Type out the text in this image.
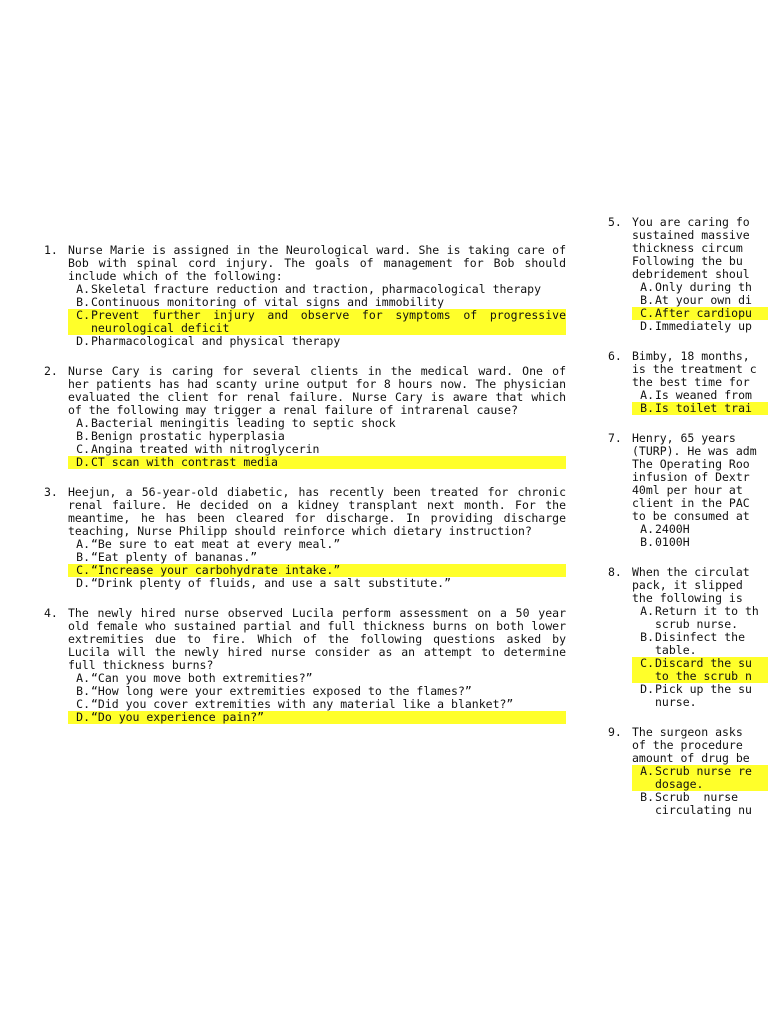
1. Nurse Marie is assigned in the Neurological ward. She is taking care of Bob with spinal cord injury. The goals of management for Bob should include which of the following:
A. Skeletal fracture reduction and traction, pharmacological therapy
B. Continuous monitoring of vital signs and immobility
C. Prevent further injury and observe for symptoms of progressive neurological deficit
D. Pharmacological and physical therapy
2. Nurse Cary is caring for several clients in the medical ward. One of her patients has had scanty urine output for 8 hours now. The physician evaluated the client for renal failure. Nurse Cary is aware that which of the following may trigger a renal failure of intrarenal cause?
A. Bacterial meningitis leading to septic shock
B. Benign prostatic hyperplasia
C. Angina treated with nitroglycerin
D. CT scan with contrast media
3. Heejun, a 56-year-old diabetic, has recently been treated for chronic renal failure. He decided on a kidney transplant next month. For the meantime, he has been cleared for discharge. In providing discharge teaching, Nurse Philipp should reinforce which dietary instruction?
A. “Be sure to eat meat at every meal.”
B. “Eat plenty of bananas.”
C. “Increase your carbohydrate intake.”
D. “Drink plenty of fluids, and use a salt substitute.”
4. The newly hired nurse observed Lucila perform assessment on a 50 year old female who sustained partial and full thickness burns on both lower extremities due to fire. Which of the following questions asked by Lucila will the newly hired nurse consider as an attempt to determine full thickness burns?
A. “Can you move both extremities?”
B. “How long were your extremities exposed to the flames?”
C. “Did you cover extremities with any material like a blanket?”
D. “Do you experience pain?”
5. You are caring fo
sustained massive
thickness circum
Following the bu
debridement shoul
A. Only during th
B. At your own di
C. After cardiopu
D. Immediately up
6. Bimby, 18 months,
is the treatment c
the best time for
A. Is weaned from
B. Is toilet trai
7. Henry, 65 years
(TURP). He was adm
The Operating Roo
infusion of Dextr
40ml per hour at
client in the PAC
to be consumed at
A. 2400H
B. 0100H
8. When the circulat
pack, it slipped
the following is
A. Return it to th
scrub nurse.
B. Disinfect the
table.
C. Discard the su
to the scrub n
D. Pick up the su
nurse.
9. The surgeon asks
of the procedure
amount of drug be
A. Scrub nurse re
dosage.
B. Scrub  nurse
circulating nu
